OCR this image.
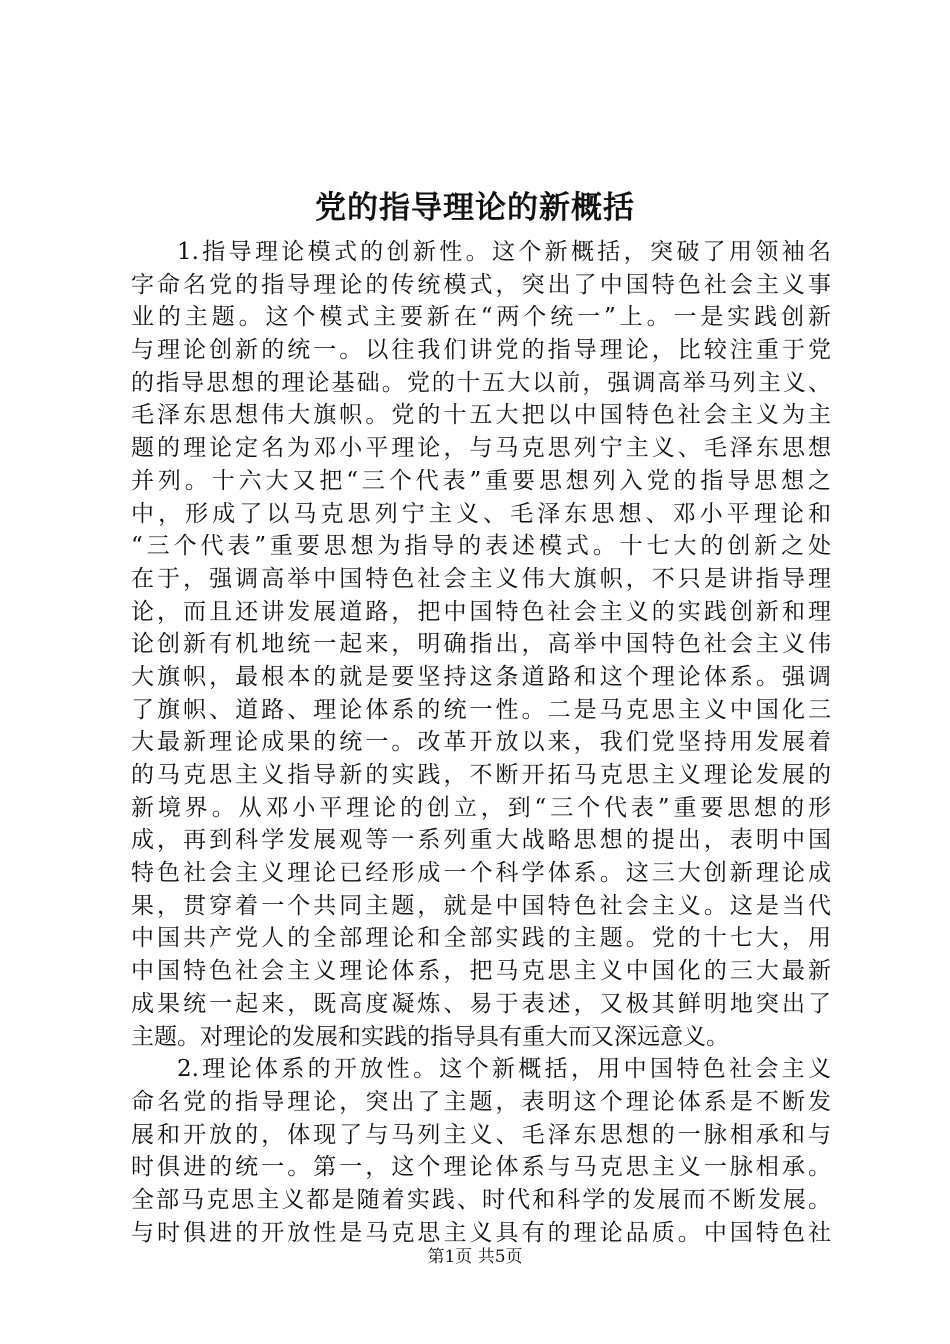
党的指导理论的新概括
1.指导理论模式的创新性。这个新概括，突破了用领袖名
字命名党的指导理论的传统模式，突出了中国特色社会主义事
业的主题。这个模式主要新在“两个统一”上。一是实践创新
与理论创新的统一。以往我们讲党的指导理论，比较注重于党
的指导思想的理论基础。党的十五大以前，强调高举马列主义、
毛泽东思想伟大旗帜。党的十五大把以中国特色社会主义为主
题的理论定名为邓小平理论，与马克思列宁主义、毛泽东思想
并列。十六大又把“三个代表”重要思想列入党的指导思想之
中，形成了以马克思列宁主义、毛泽东思想、邓小平理论和
“三个代表”重要思想为指导的表述模式。十七大的创新之处
在于，强调高举中国特色社会主义伟大旗帜，不只是讲指导理
论，而且还讲发展道路，把中国特色社会主义的实践创新和理
论创新有机地统一起来，明确指出，高举中国特色社会主义伟
大旗帜，最根本的就是要坚持这条道路和这个理论体系。强调
了旗帜、道路、理论体系的统一性。二是马克思主义中国化三
大最新理论成果的统一。改革开放以来，我们党坚持用发展着
的马克思主义指导新的实践，不断开拓马克思主义理论发展的
新境界。从邓小平理论的创立，到“三个代表”重要思想的形
成，再到科学发展观等一系列重大战略思想的提出，表明中国
特色社会主义理论已经形成一个科学体系。这三大创新理论成
果，贯穿着一个共同主题，就是中国特色社会主义。这是当代
中国共产党人的全部理论和全部实践的主题。党的十七大，用
中国特色社会主义理论体系，把马克思主义中国化的三大最新
成果统一起来，既高度凝炼、易于表述，又极其鲜明地突出了
主题。对理论的发展和实践的指导具有重大而又深远意义。
2.理论体系的开放性。这个新概括，用中国特色社会主义
命名党的指导理论，突出了主题，表明这个理论体系是不断发
展和开放的，体现了与马列主义、毛泽东思想的一脉相承和与
时俱进的统一。第一，这个理论体系与马克思主义一脉相承。
全部马克思主义都是随着实践、时代和科学的发展而不断发展。
与时俱进的开放性是马克思主义具有的理论品质。中国特色社
第1页 共5页
